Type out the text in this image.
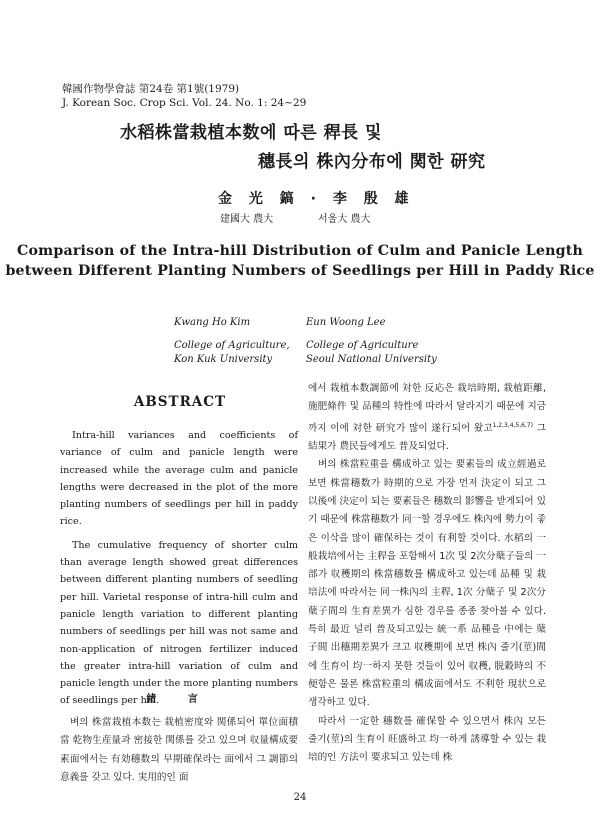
韓國作物學會誌 第24卷 第1號(1979)
J. Korean Soc. Crop Sci. Vol. 24. No. 1: 24~29
水稻株當栽植本数에 따른 稈長 및
穗長의 株內分布에 関한 研究
金 光 鎬 · 李 殷 雄
建國大 農大	서울大 農大
Comparison of the Intra-hill Distribution of Culm and Panicle Length
between Different Planting Numbers of Seedlings per Hill in Paddy Rice
Kwang Ho Kim
College of Agriculture,
Kon Kuk University
Eun Woong Lee
College of Agriculture
Seoul National University
ABSTRACT

Intra-hill variances and coefficients of variance of culm and panicle length were increased while the average culm and panicle lengths were decreased in the plot of the more planting numbers of seedlings per hill in paddy rice.

The cumulative frequency of shorter culm than average length showed great differences between different planting numbers of seedling per hill. Varietal response of intra-hill culm and panicle length variation to different planting numbers of seedlings per hill was not same and non-application of nitrogen fertilizer induced the greater intra-hill variation of culm and panicle length under the more planting numbers of seedlings per hill.

緒 言

벼의 株當栽植本数는 栽植密度와 関係되어 單位面積當 乾物生産量과 密接한 関係를 갖고 있으며 収量構成要素面에서는 有効穗数의 早期確保라는 面에서 그 調節의 意義를 갖고 있다. 実用的인 面

에서 栽植本数調節에 対한 反応은 栽培時期, 栽植距離, 施肥條件 및 品種의 特性에 따라서 달라지기 때문에 지금까지 이에 対한 研究가 많이 遂行되어 왔고$^{1,2,3,4,5,6,7)}$ 그 結果가 農民들에게도 普及되었다.

벼의 株當粒重을 構成하고 있는 要素들의 成立經過로 보면 株當穗数가 時期的으로 가장 먼저 決定이 되고 그 以後에 決定이 되는 要素들은 穗数의 影響을 받게되어 있기 때문에 株當穗数가 同一할 경우에도 株內에 勢力이 좋은 이삭을 많이 確保하는 것이 有利할 것이다. 水稻의 一般栽培에서는 主稈을 포함해서 1次 및 2次分蘖子들의 一部가 収穫期의 株當穗数를 構成하고 있는데 品種 및 栽培法에 따라서는 同一株內의 主稈, 1次 分蘖子 및 2次分蘖子間의 生育差異가 심한 경우를 종종 찾아볼 수 있다. 특히 最近 널리 普及되고있는 統一系 品種을 中에는 蘖子間 出穗期差異가 크고 収穫期에 보면 株內 줄기(莖)間에 生育이 均一하지 못한 것들이 있어 収穫, 脱穀時의 不便함은 물론 株當粒重의 構成面에서도 不利한 現状으로 생각하고 있다.

따라서 一定한 穗数를 確保할 수 있으면서 株內 모든 줄기(莖)의 生育이 旺盛하고 均一하게 誘導할 수 있는 栽培的인 方法이 要求되고 있는데 株

24
